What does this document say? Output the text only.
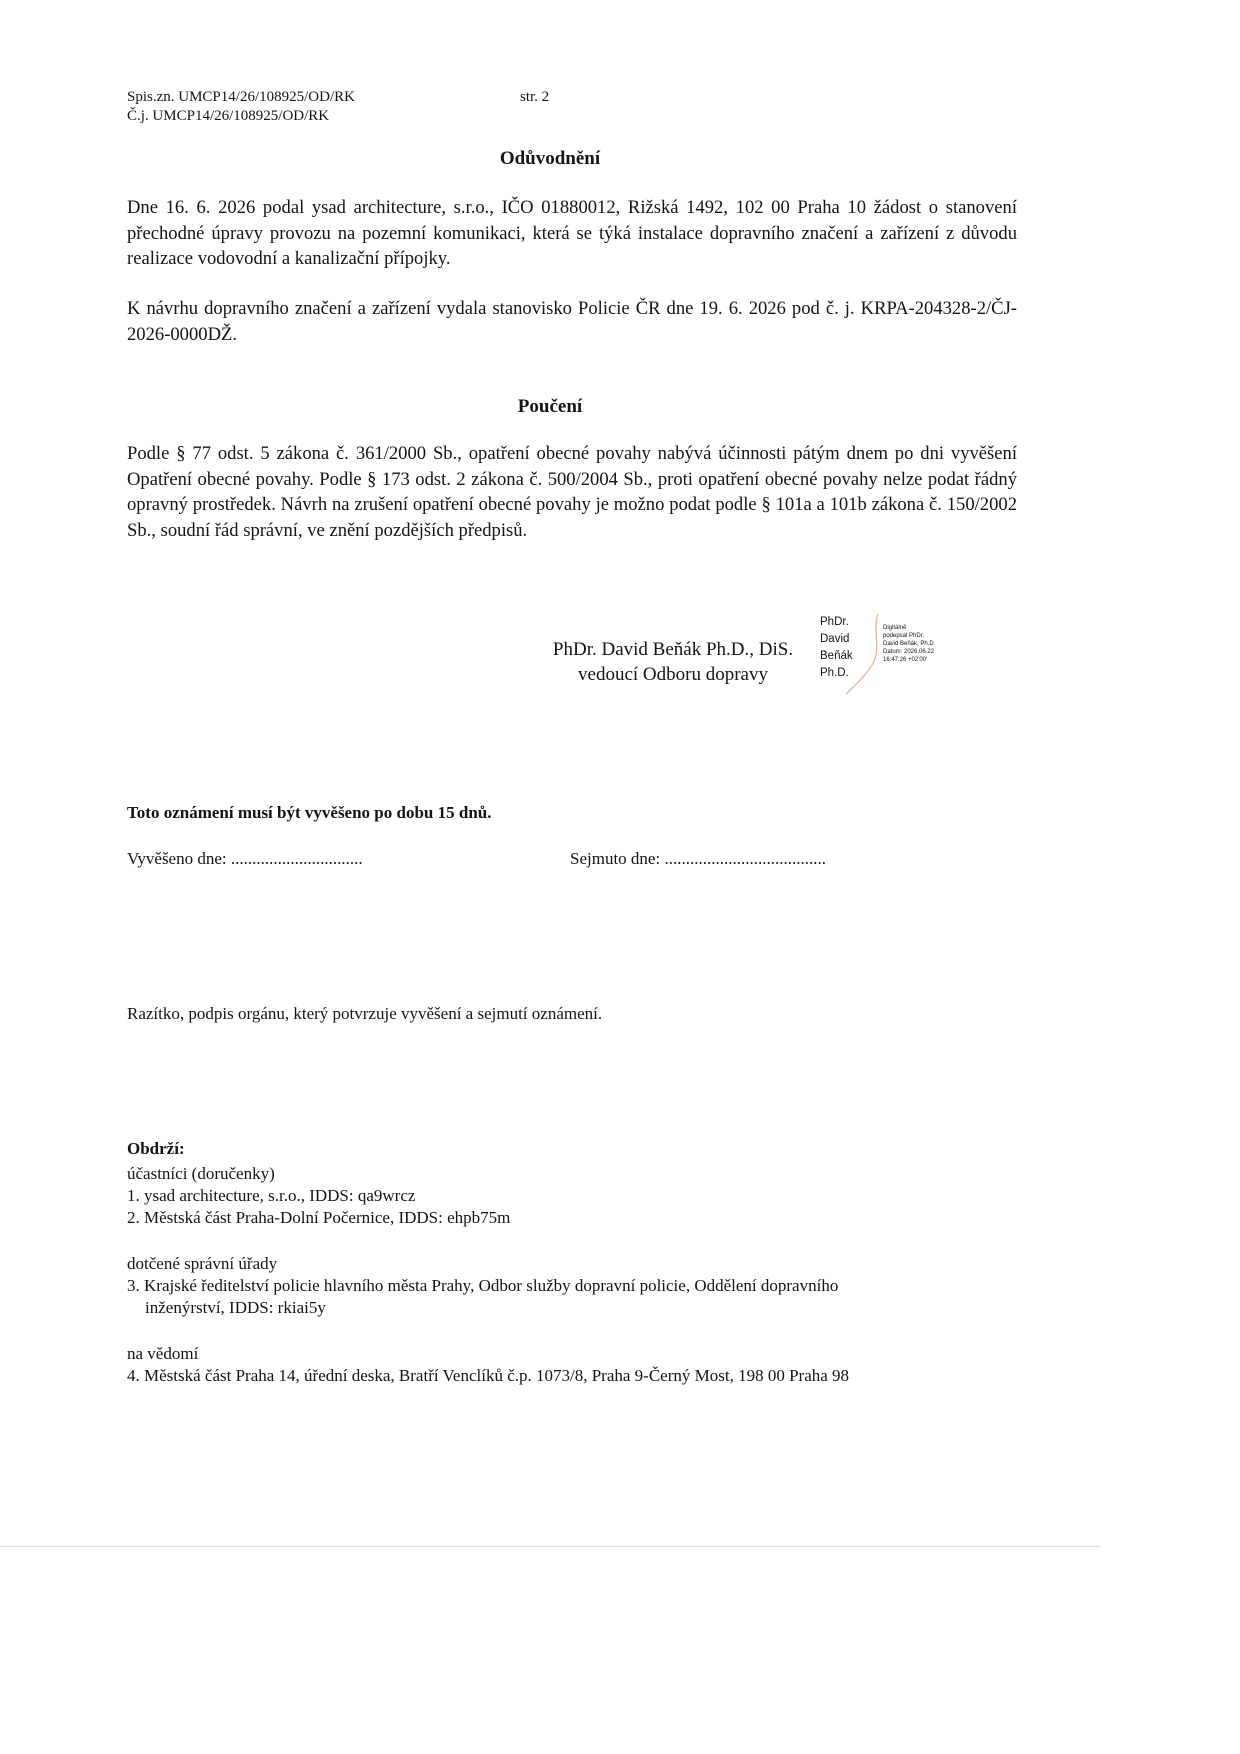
Spis.zn. UMCP14/26/108925/OD/RK
Č.j. UMCP14/26/108925/OD/RK
str. 2
Odůvodnění
Dne 16. 6. 2026 podal ysad architecture, s.r.o., IČO 01880012, Rižská 1492, 102 00 Praha 10 žádost o stanovení přechodné úpravy provozu na pozemní komunikaci, která se týká instalace dopravního značení a zařízení z důvodu realizace vodovodní a kanalizační přípojky.
K návrhu dopravního značení a zařízení vydala stanovisko Policie ČR dne 19. 6. 2026 pod č. j. KRPA-204328-2/ČJ-2026-0000DŽ.
Poučení
Podle § 77 odst. 5 zákona č. 361/2000 Sb., opatření obecné povahy nabývá účinnosti pátým dnem po dni vyvěšení Opatření obecné povahy. Podle § 173 odst. 2 zákona č. 500/2004 Sb., proti opatření obecné povahy nelze podat řádný opravný prostředek. Návrh na zrušení opatření obecné povahy je možno podat podle § 101a a 101b zákona č. 150/2002 Sb., soudní řád správní, ve znění pozdějších předpisů.
PhDr. David Beňák Ph.D., DiS.
vedoucí Odboru dopravy
PhDr.
David
Beňák
Ph.D.
Digitálně
podepsal PhDr.
David Beňák, Ph.D
Datum: 2026.06.22
16:47:26 +02'00'
Toto oznámení musí být vyvěšeno po dobu 15 dnů.
Vyvěšeno dne: ...............................	Sejmuto dne: ......................................
Razítko, podpis orgánu, který potvrzuje vyvěšení a sejmutí oznámení.
Obdrží:
účastníci (doručenky)
1. ysad architecture, s.r.o., IDDS: qa9wrcz
2. Městská část Praha-Dolní Počernice, IDDS: ehpb75m
dotčené správní úřady
3. Krajské ředitelství policie hlavního města Prahy, Odbor služby dopravní policie, Oddělení dopravního
inženýrství, IDDS: rkiai5y
na vědomí
4. Městská část Praha 14, úřední deska, Bratří Venclíků č.p. 1073/8, Praha 9-Černý Most, 198 00 Praha 98
